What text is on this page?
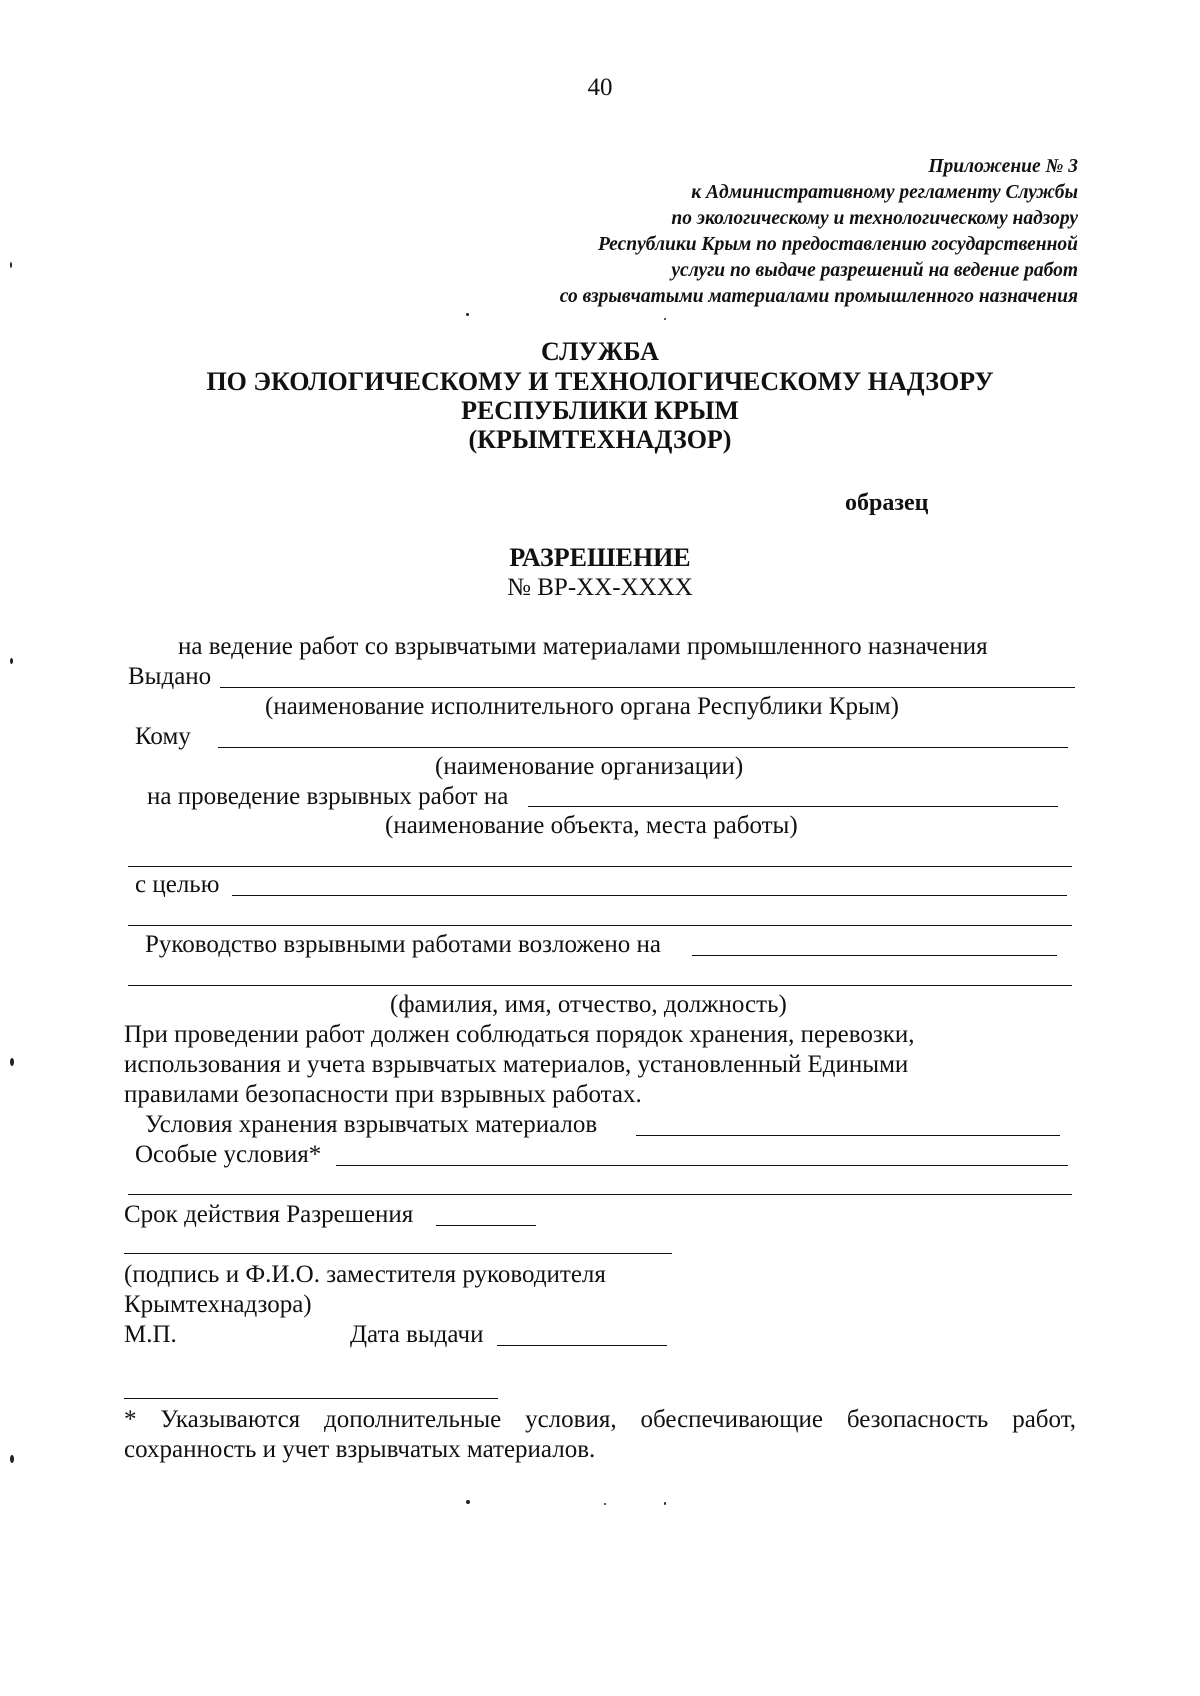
40
Приложение № 3
к Административному регламенту Службы
по экологическому и технологическому надзору
Республики Крым по предоставлению государственной
услуги по выдаче разрешений на ведение работ
со взрывчатыми материалами промышленного назначения
СЛУЖБА
ПО ЭКОЛОГИЧЕСКОМУ И ТЕХНОЛОГИЧЕСКОМУ НАДЗОРУ
РЕСПУБЛИКИ КРЫМ
(КРЫМТЕХНАДЗОР)
образец
РАЗРЕШЕНИЕ
№ ВР-ХХ-ХХХХ
на ведение работ со взрывчатыми материалами промышленного назначения
Выдано
(наименование исполнительного органа Республики Крым)
Кому
(наименование организации)
на проведение взрывных работ на
(наименование объекта, места работы)
с целью
Руководство взрывными работами возложено на
(фамилия, имя, отчество, должность)
При проведении работ должен соблюдаться порядок хранения, перевозки,
использования и учета взрывчатых материалов, установленный Едиными
правилами безопасности при взрывных работах.
Условия хранения взрывчатых материалов
Особые условия*
Срок действия Разрешения
(подпись и Ф.И.О. заместителя руководителя
Крымтехнадзора)
М.П.	Дата выдачи
* Указываются дополнительные условия, обеспечивающие безопасность работ,
сохранность и учет взрывчатых материалов.
